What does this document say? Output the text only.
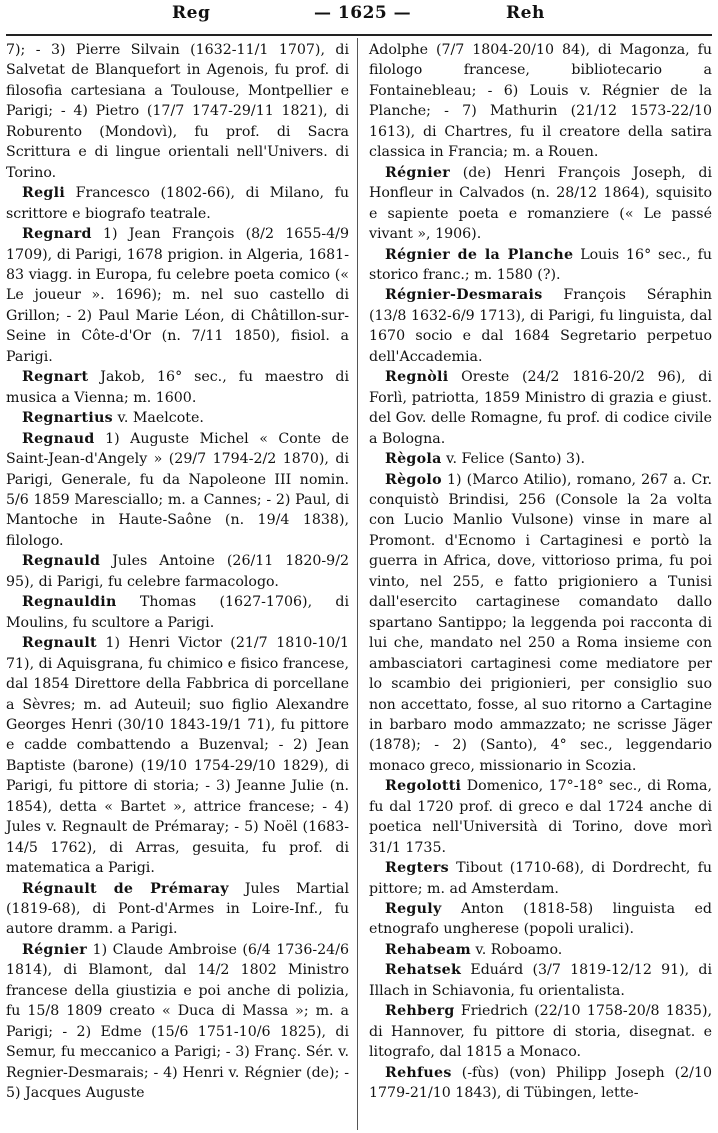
Reg	— 1625 —	Reh

7); - 3) Pierre Silvain (1632-11/1 1707), di Salvetat de Blanquefort in Agenois, fu prof. di filosofia cartesiana a Toulouse, Montpellier e Parigi; - 4) Pietro (17/7 1747-29/11 1821), di Roburento (Mondovì), fu prof. di Sacra Scrittura e di lingue orientali nell'Univers. di Torino.

Regli Francesco (1802-66), di Milano, fu scrittore e biografo teatrale.

Regnard 1) Jean François (8/2 1655-4/9 1709), di Parigi, 1678 prigion. in Algeria, 1681-83 viagg. in Europa, fu celebre poeta comico (« Le joueur ». 1696); m. nel suo castello di Grillon; - 2) Paul Marie Léon, di Châtillon-sur-Seine in Côte-d'Or (n. 7/11 1850), fisiol. a Parigi.

Regnart Jakob, 16° sec., fu maestro di musica a Vienna; m. 1600.

Regnartius v. Maelcote.

Regnaud 1) Auguste Michel « Conte de Saint-Jean-d'Angely » (29/7 1794-2/2 1870), di Parigi, Generale, fu da Napoleone III nomin. 5/6 1859 Maresciallo; m. a Cannes; - 2) Paul, di Mantoche in Haute-Saône (n. 19/4 1838), filologo.

Regnauld Jules Antoine (26/11 1820-9/2 95), di Parigi, fu celebre farmacologo.

Regnauldin Thomas (1627-1706), di Moulins, fu scultore a Parigi.

Regnault 1) Henri Victor (21/7 1810-10/1 71), di Aquisgrana, fu chimico e fisico francese, dal 1854 Direttore della Fabbrica di porcellane a Sèvres; m. ad Auteuil; suo figlio Alexandre Georges Henri (30/10 1843-19/1 71), fu pittore e cadde combattendo a Buzenval; - 2) Jean Baptiste (barone) (19/10 1754-29/10 1829), di Parigi, fu pittore di storia; - 3) Jeanne Julie (n. 1854), detta « Bartet », attrice francese; - 4) Jules v. Regnault de Prémaray; - 5) Noël (1683-14/5 1762), di Arras, gesuita, fu prof. di matematica a Parigi.

Régnault de Prémaray Jules Martial (1819-68), di Pont-d'Armes in Loire-Inf., fu autore dramm. a Parigi.

Régnier 1) Claude Ambroise (6/4 1736-24/6 1814), di Blamont, dal 14/2 1802 Ministro francese della giustizia e poi anche di polizia, fu 15/8 1809 creato « Duca di Massa »; m. a Parigi; - 2) Edme (15/6 1751-10/6 1825), di Semur, fu meccanico a Parigi; - 3) Franç. Sér. v. Regnier-Desmarais; - 4) Henri v. Régnier (de); - 5) Jacques Auguste

Adolphe (7/7 1804-20/10 84), di Magonza, fu filologo francese, bibliotecario a Fontainebleau; - 6) Louis v. Régnier de la Planche; - 7) Mathurin (21/12 1573-22/10 1613), di Chartres, fu il creatore della satira classica in Francia; m. a Rouen.

Régnier (de) Henri François Joseph, di Honfleur in Calvados (n. 28/12 1864), squisito e sapiente poeta e romanziere (« Le passé vivant », 1906).

Régnier de la Planche Louis 16° sec., fu storico franc.; m. 1580 (?).

Régnier-Desmarais François Séraphin (13/8 1632-6/9 1713), di Parigi, fu linguista, dal 1670 socio e dal 1684 Segretario perpetuo dell'Accademia.

Regnòli Oreste (24/2 1816-20/2 96), di Forlì, patriotta, 1859 Ministro di grazia e giust. del Gov. delle Romagne, fu prof. di codice civile a Bologna.

Règola v. Felice (Santo) 3).

Règolo 1) (Marco Atilio), romano, 267 a. Cr. conquistò Brindisi, 256 (Console la 2a volta con Lucio Manlio Vulsone) vinse in mare al Promont. d'Ecnomo i Cartaginesi e portò la guerra in Africa, dove, vittorioso prima, fu poi vinto, nel 255, e fatto prigioniero a Tunisi dall'esercito cartaginese comandato dallo spartano Santippo; la leggenda poi racconta di lui che, mandato nel 250 a Roma insieme con ambasciatori cartaginesi come mediatore per lo scambio dei prigionieri, per consiglio suo non accettato, fosse, al suo ritorno a Cartagine in barbaro modo ammazzato; ne scrisse Jäger (1878); - 2) (Santo), 4° sec., leggendario monaco greco, missionario in Scozia.

Regolotti Domenico, 17°-18° sec., di Roma, fu dal 1720 prof. di greco e dal 1724 anche di poetica nell'Università di Torino, dove morì 31/1 1735.

Regters Tibout (1710-68), di Dordrecht, fu pittore; m. ad Amsterdam.

Reguly Anton (1818-58) linguista ed etnografo ungherese (popoli uralici).

Rehabeam v. Roboamo.

Rehatsek Eduárd (3/7 1819-12/12 91), di Illach in Schiavonia, fu orientalista.

Rehberg Friedrich (22/10 1758-20/8 1835), di Hannover, fu pittore di storia, disegnat. e litografo, dal 1815 a Monaco.

Rehfues (-fùs) (von) Philipp Joseph (2/10 1779-21/10 1843), di Tübingen, lette-
